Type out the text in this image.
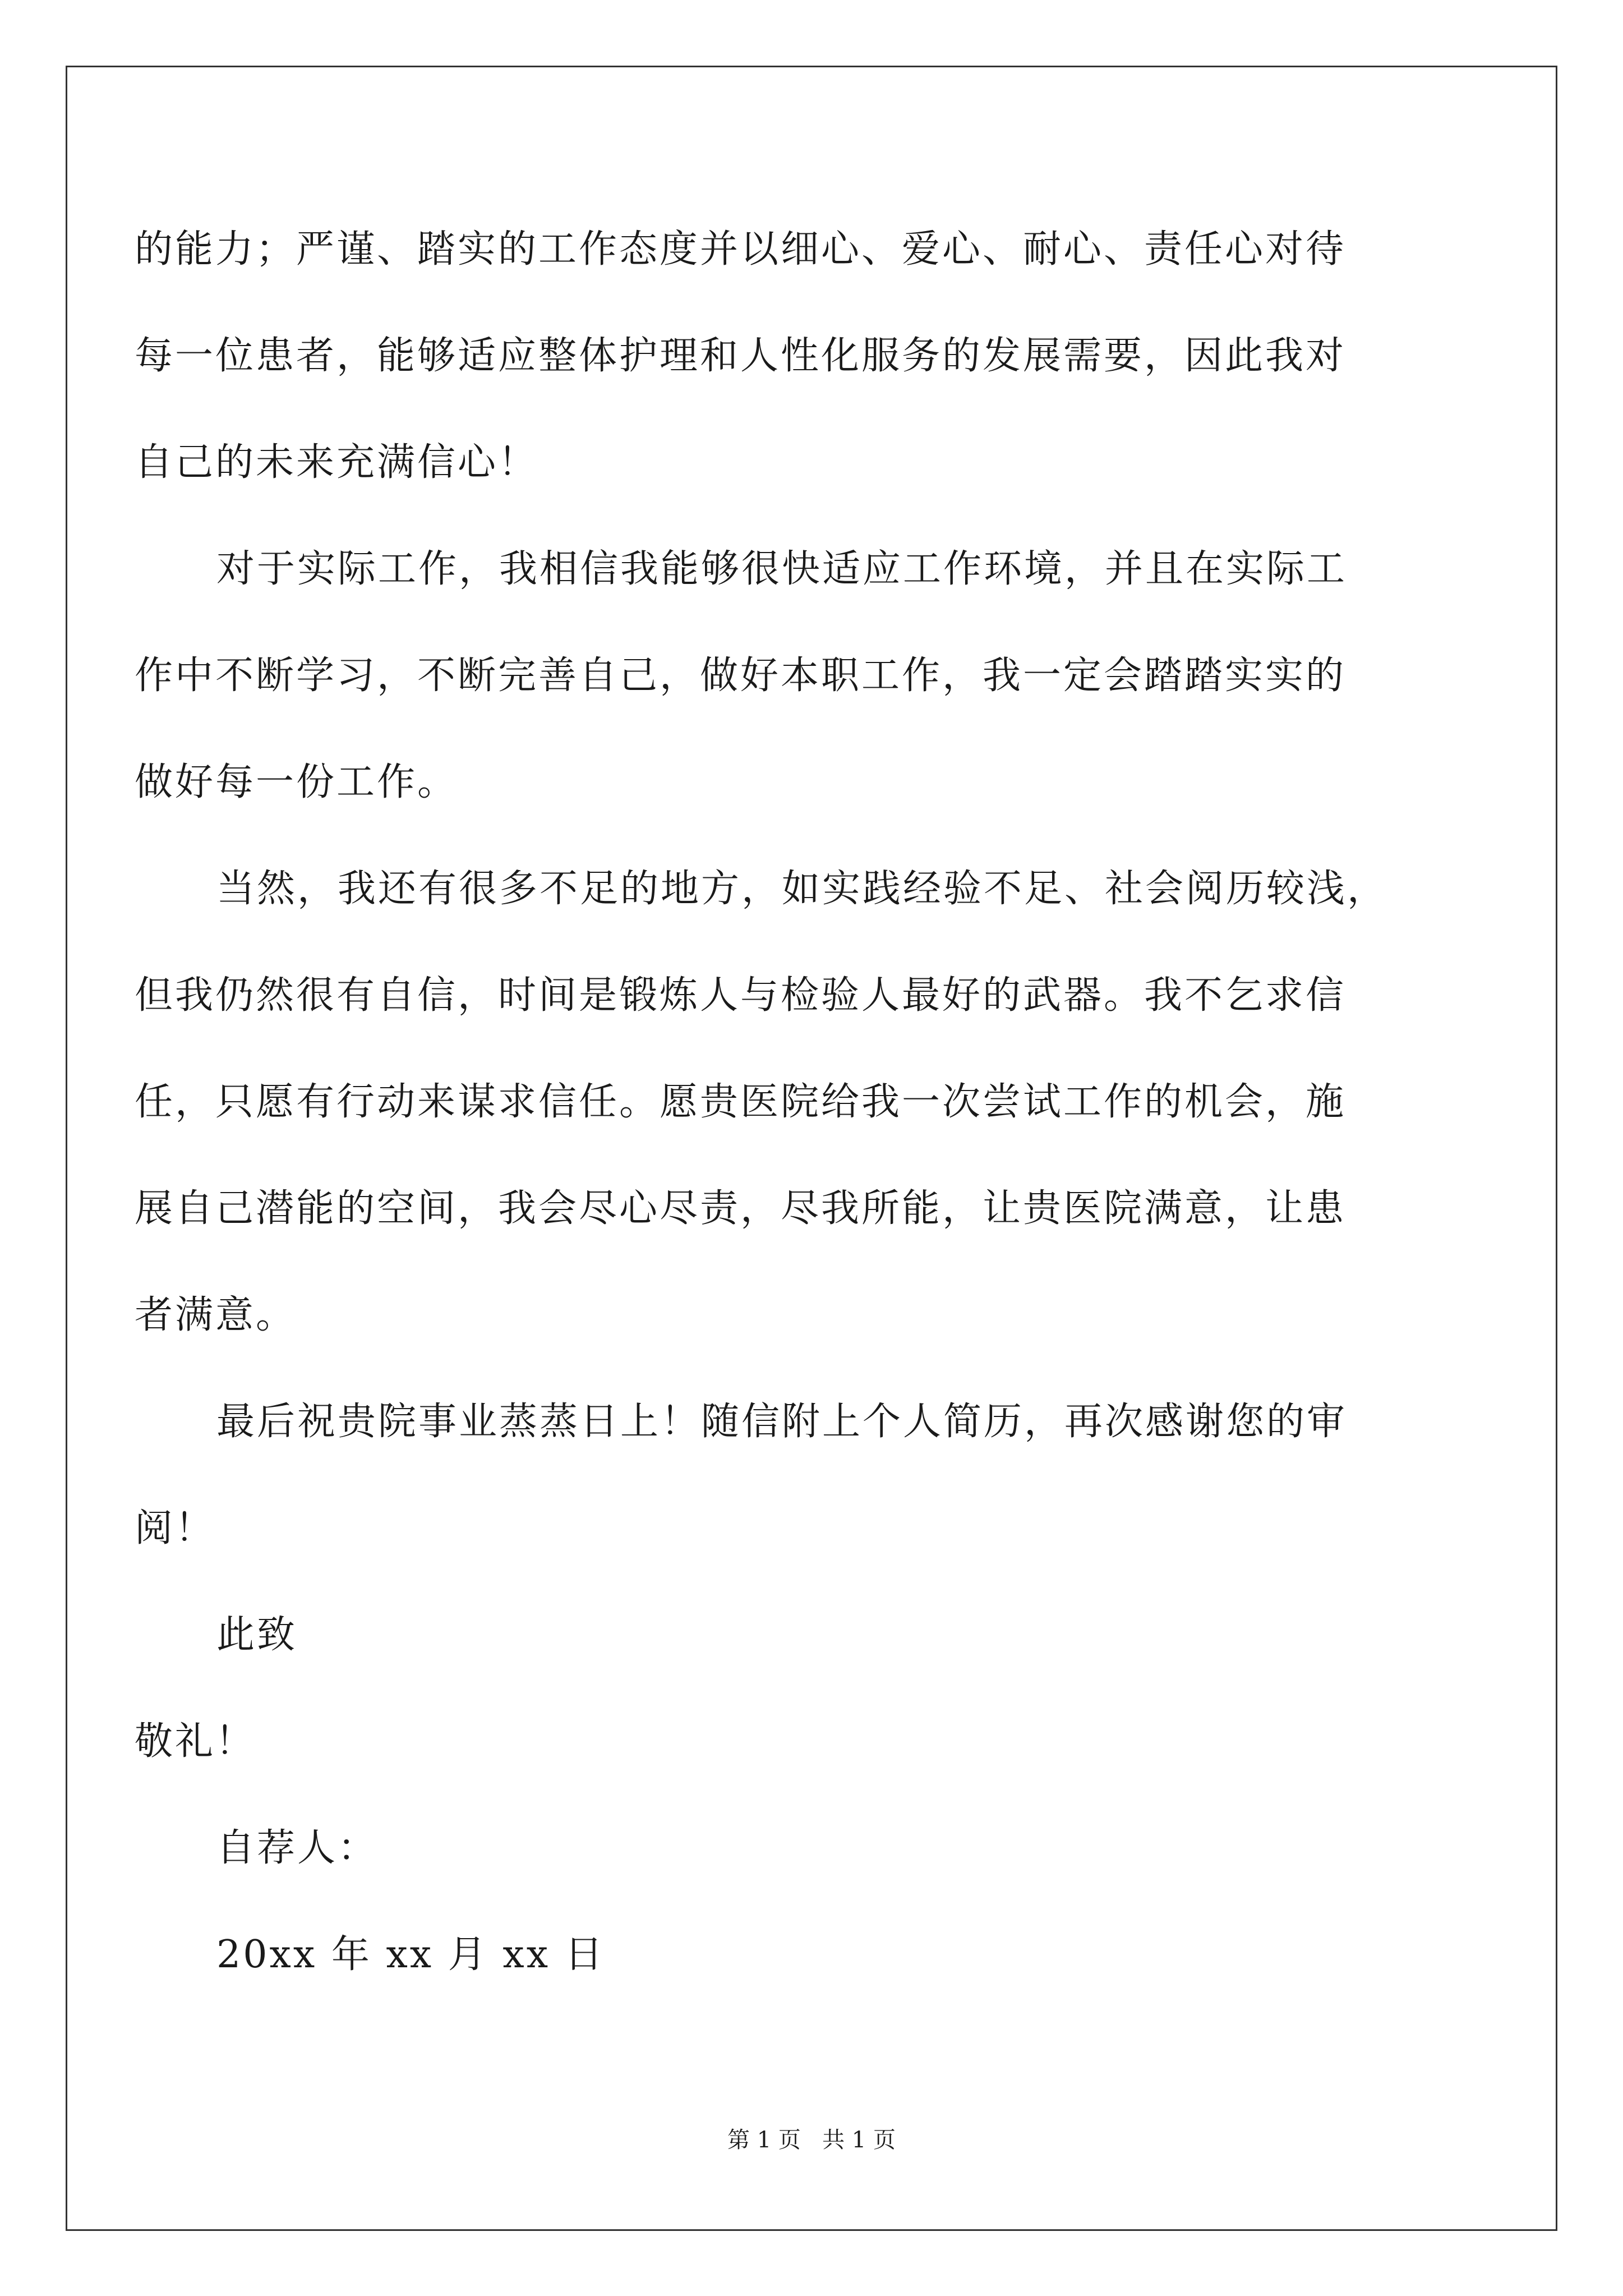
的能力；严谨、踏实的工作态度并以细心、爱心、耐心、责任心对待
每一位患者，能够适应整体护理和人性化服务的发展需要，因此我对
自己的未来充满信心！
对于实际工作，我相信我能够很快适应工作环境，并且在实际工
作中不断学习，不断完善自己，做好本职工作，我一定会踏踏实实的
做好每一份工作。
当然，我还有很多不足的地方，如实践经验不足、社会阅历较浅，
但我仍然很有自信，时间是锻炼人与检验人最好的武器。我不乞求信
任，只愿有行动来谋求信任。愿贵医院给我一次尝试工作的机会，施
展自己潜能的空间，我会尽心尽责，尽我所能，让贵医院满意，让患
者满意。
最后祝贵院事业蒸蒸日上！随信附上个人简历，再次感谢您的审
阅！
此致
敬礼！
自荐人：
20xx 年 xx 月 xx 日
第 1 页   共 1 页
